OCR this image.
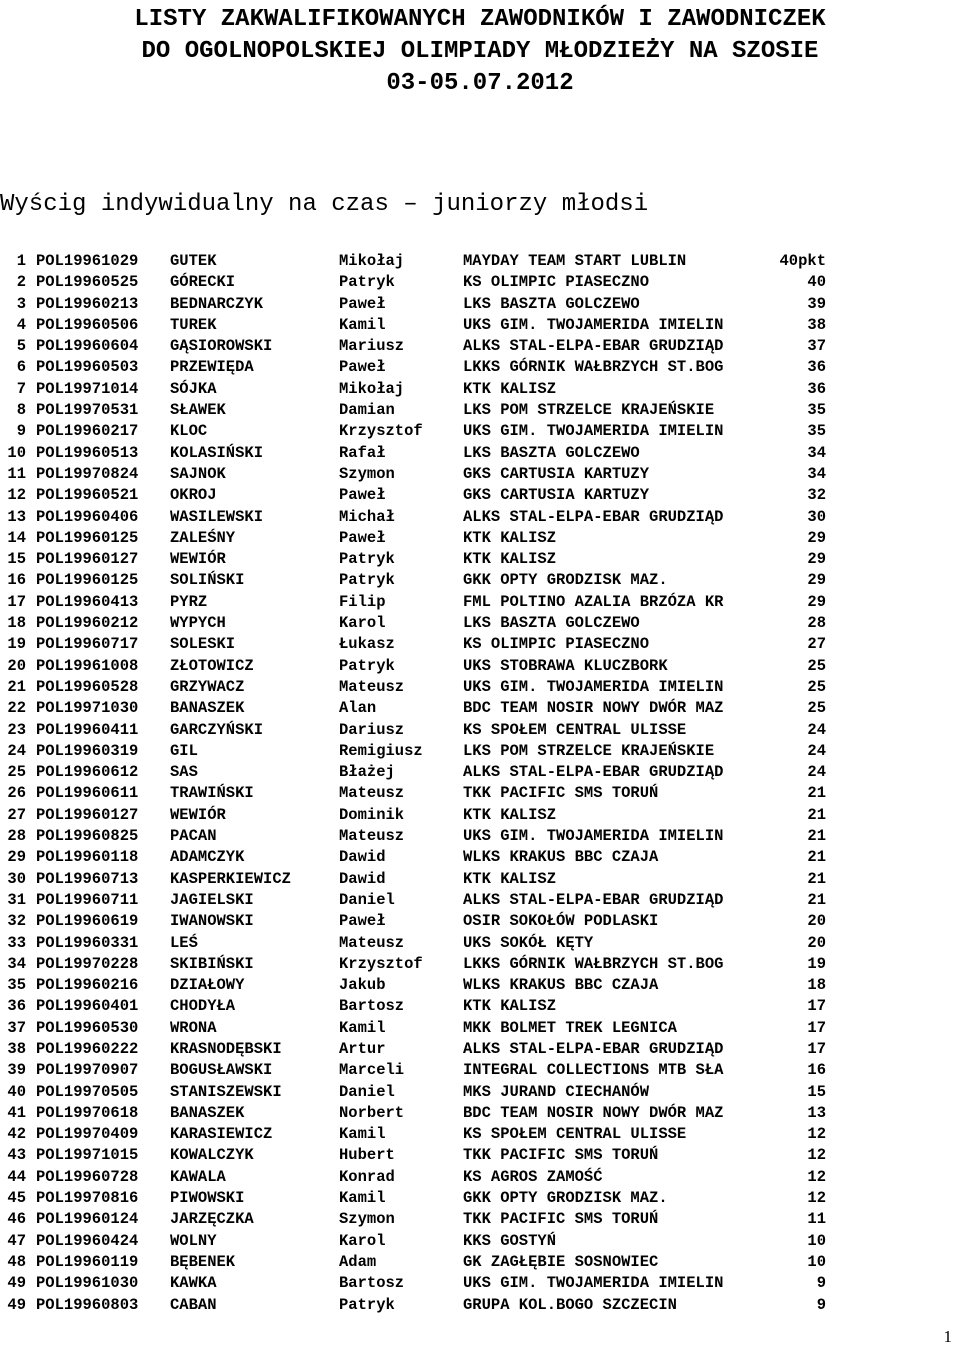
LISTY ZAKWALIFIKOWANYCH ZAWODNIKÓW I ZAWODNICZEK
DO OGOLNOPOLSKIEJ OLIMPIADY MŁODZIEŻY NA SZOSIE
03-05.07.2012
Wyścig indywidualny na czas – juniorzy młodsi
1 POL19961029 GUTEK	Mikołaj	MAYDAY TEAM START LUBLIN	40pkt
2 POL19960525 GÓRECKI	Patryk	KS OLIMPIC PIASECZNO	40
3 POL19960213 BEDNARCZYK	Paweł	LKS BASZTA GOLCZEWO	39
4 POL19960506 TUREK	Kamil	UKS GIM. TWOJAMERIDA IMIELIN	38
5 POL19960604 GĄSIOROWSKI	Mariusz	ALKS STAL-ELPA-EBAR GRUDZIĄD	37
6 POL19960503 PRZEWIĘDA	Paweł	LKKS GÓRNIK WAŁBRZYCH ST.BOG	36
7 POL19971014 SÓJKA	Mikołaj	KTK KALISZ	36
8 POL19970531 SŁAWEK	Damian	LKS POM STRZELCE KRAJEŃSKIE	35
9 POL19960217 KLOC	Krzysztof	UKS GIM. TWOJAMERIDA IMIELIN	35
10 POL19960513 KOLASIŃSKI	Rafał	LKS BASZTA GOLCZEWO	34
11 POL19970824 SAJNOK	Szymon	GKS CARTUSIA KARTUZY	34
12 POL19960521 OKROJ	Paweł	GKS CARTUSIA KARTUZY	32
13 POL19960406 WASILEWSKI	Michał	ALKS STAL-ELPA-EBAR GRUDZIĄD	30
14 POL19960125 ZALEŚNY	Paweł	KTK KALISZ	29
15 POL19960127 WEWIÓR	Patryk	KTK KALISZ	29
16 POL19960125 SOLIŃSKI	Patryk	GKK OPTY GRODZISK MAZ.	29
17 POL19960413 PYRZ	Filip	FML POLTINO AZALIA BRZÓZA KR	29
18 POL19960212 WYPYCH	Karol	LKS BASZTA GOLCZEWO	28
19 POL19960717 SOLESKI	Łukasz	KS OLIMPIC PIASECZNO	27
20 POL19961008 ZŁOTOWICZ	Patryk	UKS STOBRAWA KLUCZBORK	25
21 POL19960528 GRZYWACZ	Mateusz	UKS GIM. TWOJAMERIDA IMIELIN	25
22 POL19971030 BANASZEK	Alan	BDC TEAM NOSIR NOWY DWÓR MAZ	25
23 POL19960411 GARCZYŃSKI	Dariusz	KS SPOŁEM CENTRAL ULISSE	24
24 POL19960319 GIL	Remigiusz	LKS POM STRZELCE KRAJEŃSKIE	24
25 POL19960612 SAS	Błażej	ALKS STAL-ELPA-EBAR GRUDZIĄD	24
26 POL19960611 TRAWIŃSKI	Mateusz	TKK PACIFIC SMS TORUŃ	21
27 POL19960127 WEWIÓR	Dominik	KTK KALISZ	21
28 POL19960825 PACAN	Mateusz	UKS GIM. TWOJAMERIDA IMIELIN	21
29 POL19960118 ADAMCZYK	Dawid	WLKS KRAKUS BBC CZAJA	21
30 POL19960713 KASPERKIEWICZ	Dawid	KTK KALISZ	21
31 POL19960711 JAGIELSKI	Daniel	ALKS STAL-ELPA-EBAR GRUDZIĄD	21
32 POL19960619 IWANOWSKI	Paweł	OSIR SOKOŁÓW PODLASKI	20
33 POL19960331 LEŚ	Mateusz	UKS SOKÓŁ KĘTY	20
34 POL19970228 SKIBIŃSKI	Krzysztof	LKKS GÓRNIK WAŁBRZYCH ST.BOG	19
35 POL19960216 DZIAŁOWY	Jakub	WLKS KRAKUS BBC CZAJA	18
36 POL19960401 CHODYŁA	Bartosz	KTK KALISZ	17
37 POL19960530 WRONA	Kamil	MKK BOLMET TREK LEGNICA	17
38 POL19960222 KRASNODĘBSKI	Artur	ALKS STAL-ELPA-EBAR GRUDZIĄD	17
39 POL19970907 BOGUSŁAWSKI	Marceli	INTEGRAL COLLECTIONS MTB SŁA	16
40 POL19970505 STANISZEWSKI	Daniel	MKS JURAND CIECHANÓW	15
41 POL19970618 BANASZEK	Norbert	BDC TEAM NOSIR NOWY DWÓR MAZ	13
42 POL19970409 KARASIEWICZ	Kamil	KS SPOŁEM CENTRAL ULISSE	12
43 POL19971015 KOWALCZYK	Hubert	TKK PACIFIC SMS TORUŃ	12
44 POL19960728 KAWALA	Konrad	KS AGROS ZAMOŚĆ	12
45 POL19970816 PIWOWSKI	Kamil	GKK OPTY GRODZISK MAZ.	12
46 POL19960124 JARZĘCZKA	Szymon	TKK PACIFIC SMS TORUŃ	11
47 POL19960424 WOLNY	Karol	KKS GOSTYŃ	10
48 POL19960119 BĘBENEK	Adam	GK ZAGŁĘBIE SOSNOWIEC	10
49 POL19961030 KAWKA	Bartosz	UKS GIM. TWOJAMERIDA IMIELIN	9
49 POL19960803 CABAN	Patryk	GRUPA KOL.BOGO SZCZECIN	9
1
